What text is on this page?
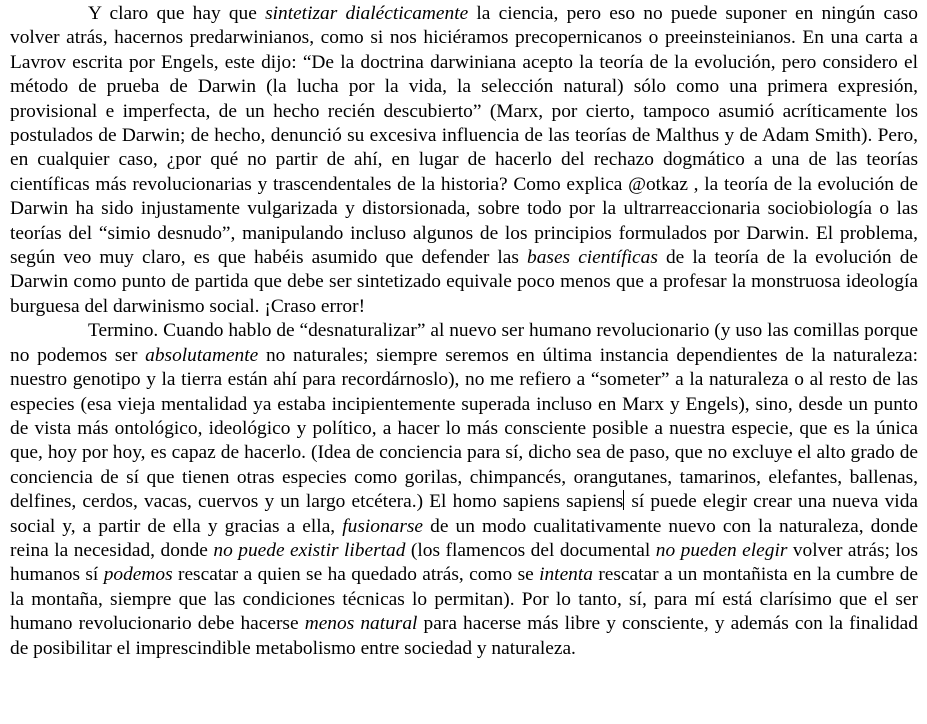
Y claro que hay que sintetizar dialécticamente la ciencia, pero eso no puede suponer en ningún caso volver atrás, hacernos predarwinianos, como si nos hiciéramos precopernicanos o preeinsteinianos. En una carta a Lavrov escrita por Engels, este dijo: “De la doctrina darwiniana acepto la teoría de la evolución, pero considero el método de prueba de Darwin (la lucha por la vida, la selección natural) sólo como una primera expresión, provisional e imperfecta, de un hecho recién descubierto” (Marx, por cierto, tampoco asumió acríticamente los postulados de Darwin; de hecho, denunció su excesiva influencia de las teorías de Malthus y de Adam Smith). Pero, en cualquier caso, ¿por qué no partir de ahí, en lugar de hacerlo del rechazo dogmático a una de las teorías científicas más revolucionarias y trascendentales de la historia? Como explica @otkaz , la teoría de la evolución de Darwin ha sido injustamente vulgarizada y distorsionada, sobre todo por la ultrarreaccionaria sociobiología o las teorías del “simio desnudo”, manipulando incluso algunos de los principios formulados por Darwin. El problema, según veo muy claro, es que habéis asumido que defender las bases científicas de la teoría de la evolución de Darwin como punto de partida que debe ser sintetizado equivale poco menos que a profesar la monstruosa ideología burguesa del darwinismo social. ¡Craso error!

Termino. Cuando hablo de “desnaturalizar” al nuevo ser humano revolucionario (y uso las comillas porque no podemos ser absolutamente no naturales; siempre seremos en última instancia dependientes de la naturaleza: nuestro genotipo y la tierra están ahí para recordárnoslo), no me refiero a “someter” a la naturaleza o al resto de las especies (esa vieja mentalidad ya estaba incipientemente superada incluso en Marx y Engels), sino, desde un punto de vista más ontológico, ideológico y político, a hacer lo más consciente posible a nuestra especie, que es la única que, hoy por hoy, es capaz de hacerlo. (Idea de conciencia para sí, dicho sea de paso, que no excluye el alto grado de conciencia de sí que tienen otras especies como gorilas, chimpancés, orangutanes, tamarinos, elefantes, ballenas, delfines, cerdos, vacas, cuervos y un largo etcétera.) El homo sapiens sapiens sí puede elegir crear una nueva vida social y, a partir de ella y gracias a ella, fusionarse de un modo cualitativamente nuevo con la naturaleza, donde reina la necesidad, donde no puede existir libertad (los flamencos del documental no pueden elegir volver atrás; los humanos sí podemos rescatar a quien se ha quedado atrás, como se intenta rescatar a un montañista en la cumbre de la montaña, siempre que las condiciones técnicas lo permitan). Por lo tanto, sí, para mí está clarísimo que el ser humano revolucionario debe hacerse menos natural para hacerse más libre y consciente, y además con la finalidad de posibilitar el imprescindible metabolismo entre sociedad y naturaleza.
